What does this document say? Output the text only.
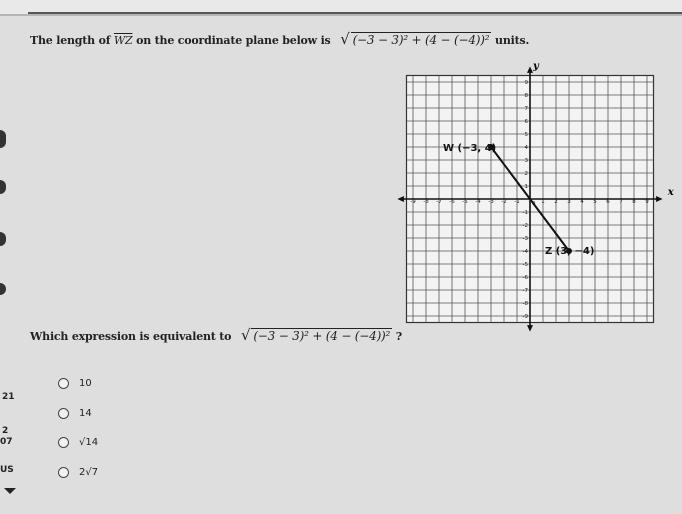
The length of $\overline{WZ}$ on the coordinate plane below is √ (−3 − 3)² + (4 − (−4))² units.
-9 -8 -7 -6 -5 -4 -3 -2 -1	1 2 3 4 5 6 7 8 9
-9
-8
-7
-6
-5
-4
-3
-2
-1
1
2
3
4
5
6
7
8
9
x
y
W (−3, 4)
Z (3, −4)
Which expression is equivalent to √ (−3 − 3)² + (4 − (−4))² ?
10
14
√14
2√7
21
2
07
US
